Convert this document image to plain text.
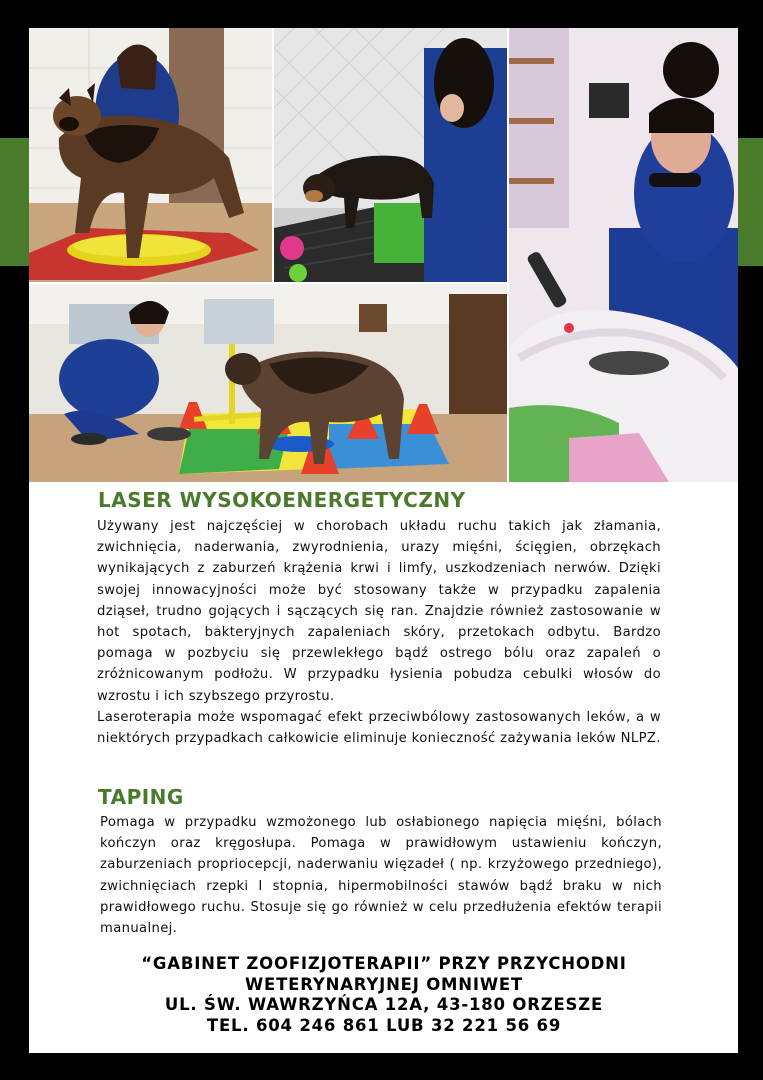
LASER WYSOKOENERGETYCZNY

Używany jest najczęściej w chorobach układu ruchu takich jak złamania, zwichnięcia, naderwania, zwyrodnienia, urazy mięśni, ścięgien, obrzękach wynikających z zaburzeń krążenia krwi i limfy, uszkodzeniach nerwów. Dzięki swojej innowacyjności może być stosowany także w przypadku zapalenia dziąseł, trudno gojących i sączących się ran. Znajdzie również zastosowanie w hot spotach, bakteryjnych zapaleniach skóry, przetokach odbytu. Bardzo pomaga w pozbyciu się przewlekłego bądź ostrego bólu oraz zapaleń o zróżnicowanym podłożu. W przypadku łysienia pobudza cebulki włosów do wzrostu i ich szybszego przyrostu.

Laseroterapia może wspomagać efekt przeciwbólowy zastosowanych leków, a w niektórych przypadkach całkowicie eliminuje konieczność zażywania leków NLPZ.

TAPING

Pomaga w przypadku wzmożonego lub osłabionego napięcia mięśni, bólach kończyn oraz kręgosłupa. Pomaga w prawidłowym ustawieniu kończyn, zaburzeniach propriocepcji, naderwaniu więzadeł ( np. krzyżowego przedniego), zwichnięciach rzepki I stopnia, hipermobilności stawów bądź braku w nich prawidłowego ruchu. Stosuje się go również w celu przedłużenia efektów terapii manualnej.

“GABINET ZOOFIZJOTERAPII” PRZY PRZYCHODNI
WETERYNARYJNEJ OMNIWET
UL. ŚW. WAWRZYŃCA 12A, 43-180 ORZESZE
TEL. 604 246 861 LUB 32 221 56 69
